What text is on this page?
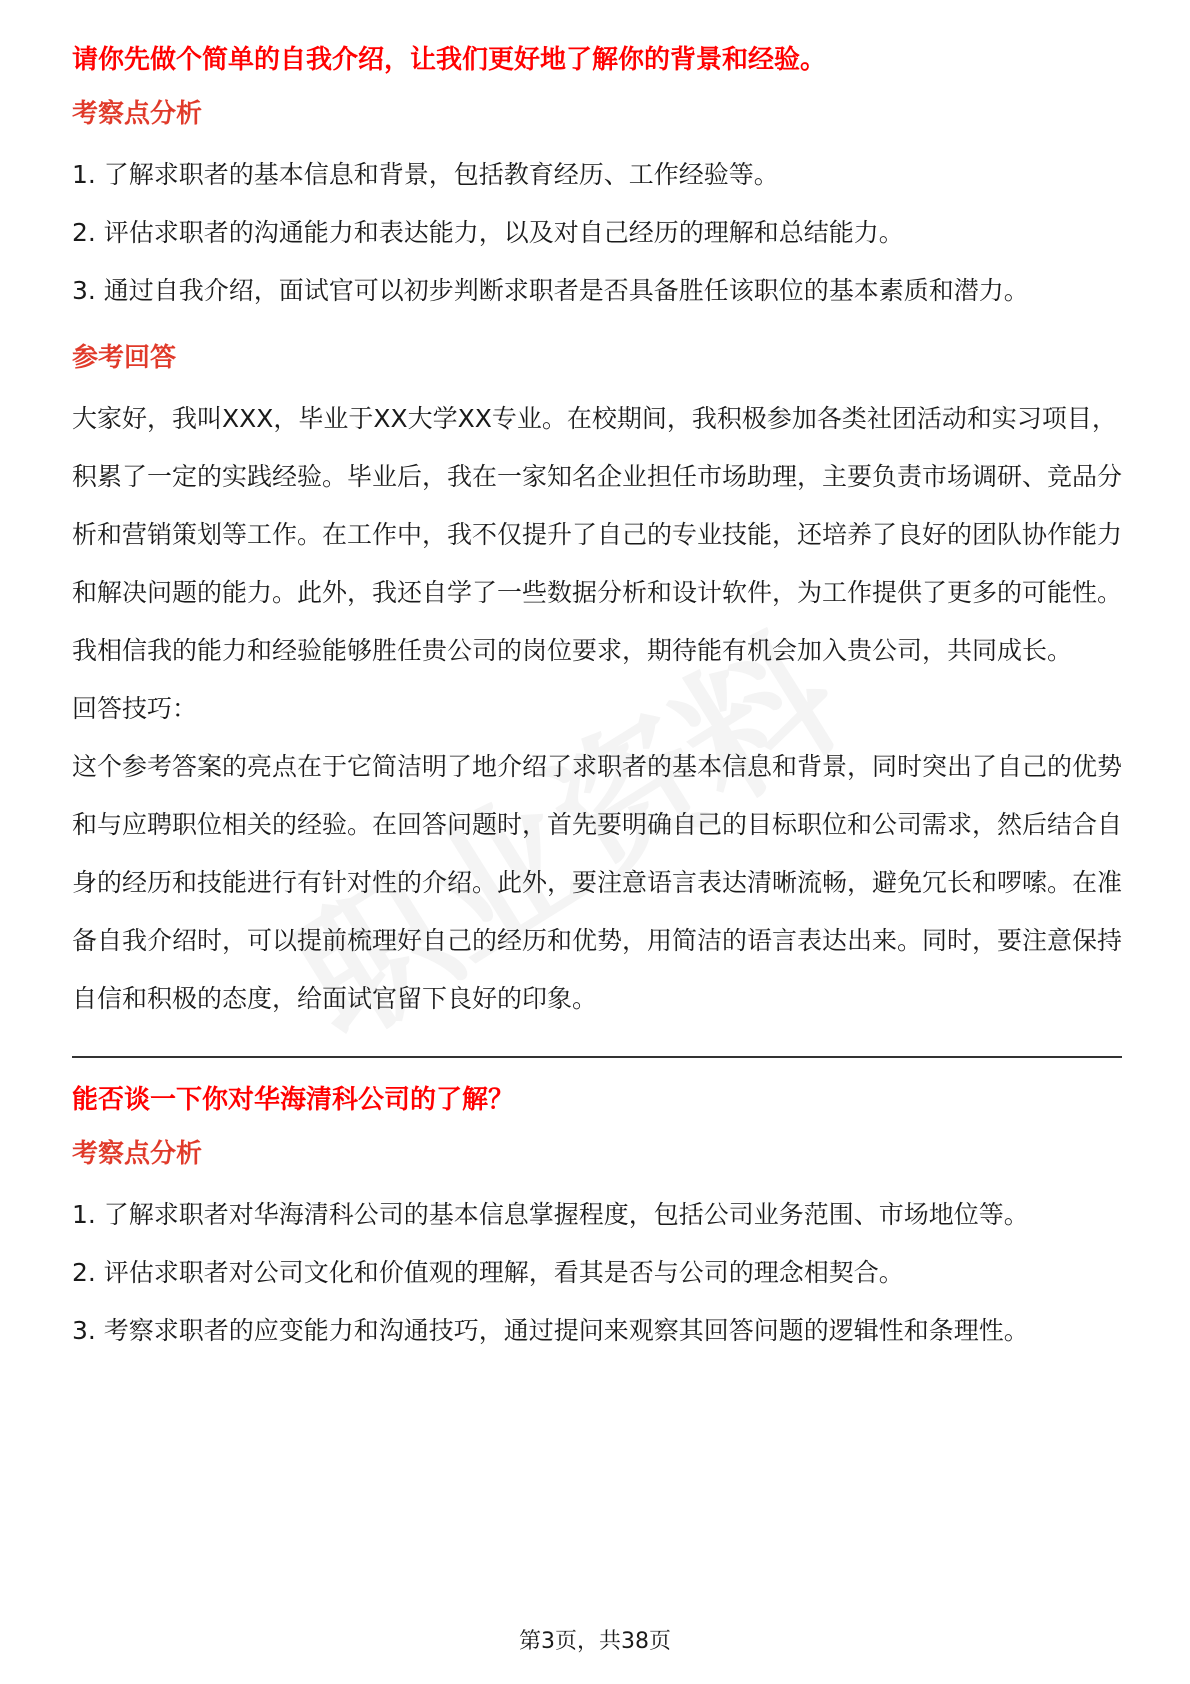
请你先做个简单的自我介绍，让我们更好地了解你的背景和经验。

考察点分析

1. 了解求职者的基本信息和背景，包括教育经历、工作经验等。

2. 评估求职者的沟通能力和表达能力，以及对自己经历的理解和总结能力。

3. 通过自我介绍，面试官可以初步判断求职者是否具备胜任该职位的基本素质和潜力。

参考回答

大家好，我叫XXX，毕业于XX大学XX专业。在校期间，我积极参加各类社团活动和实习项目，积累了一定的实践经验。毕业后，我在一家知名企业担任市场助理，主要负责市场调研、竞品分析和营销策划等工作。在工作中，我不仅提升了自己的专业技能，还培养了良好的团队协作能力和解决问题的能力。此外，我还自学了一些数据分析和设计软件，为工作提供了更多的可能性。我相信我的能力和经验能够胜任贵公司的岗位要求，期待能有机会加入贵公司，共同成长。

回答技巧：

这个参考答案的亮点在于它简洁明了地介绍了求职者的基本信息和背景，同时突出了自己的优势和与应聘职位相关的经验。在回答问题时，首先要明确自己的目标职位和公司需求，然后结合自身的经历和技能进行有针对性的介绍。此外，要注意语言表达清晰流畅，避免冗长和啰嗦。在准备自我介绍时，可以提前梳理好自己的经历和优势，用简洁的语言表达出来。同时，要注意保持自信和积极的态度，给面试官留下良好的印象。

能否谈一下你对华海清科公司的了解？

考察点分析

1. 了解求职者对华海清科公司的基本信息掌握程度，包括公司业务范围、市场地位等。

2. 评估求职者对公司文化和价值观的理解，看其是否与公司的理念相契合。

3. 考察求职者的应变能力和沟通技巧，通过提问来观察其回答问题的逻辑性和条理性。

第3页，共38页
